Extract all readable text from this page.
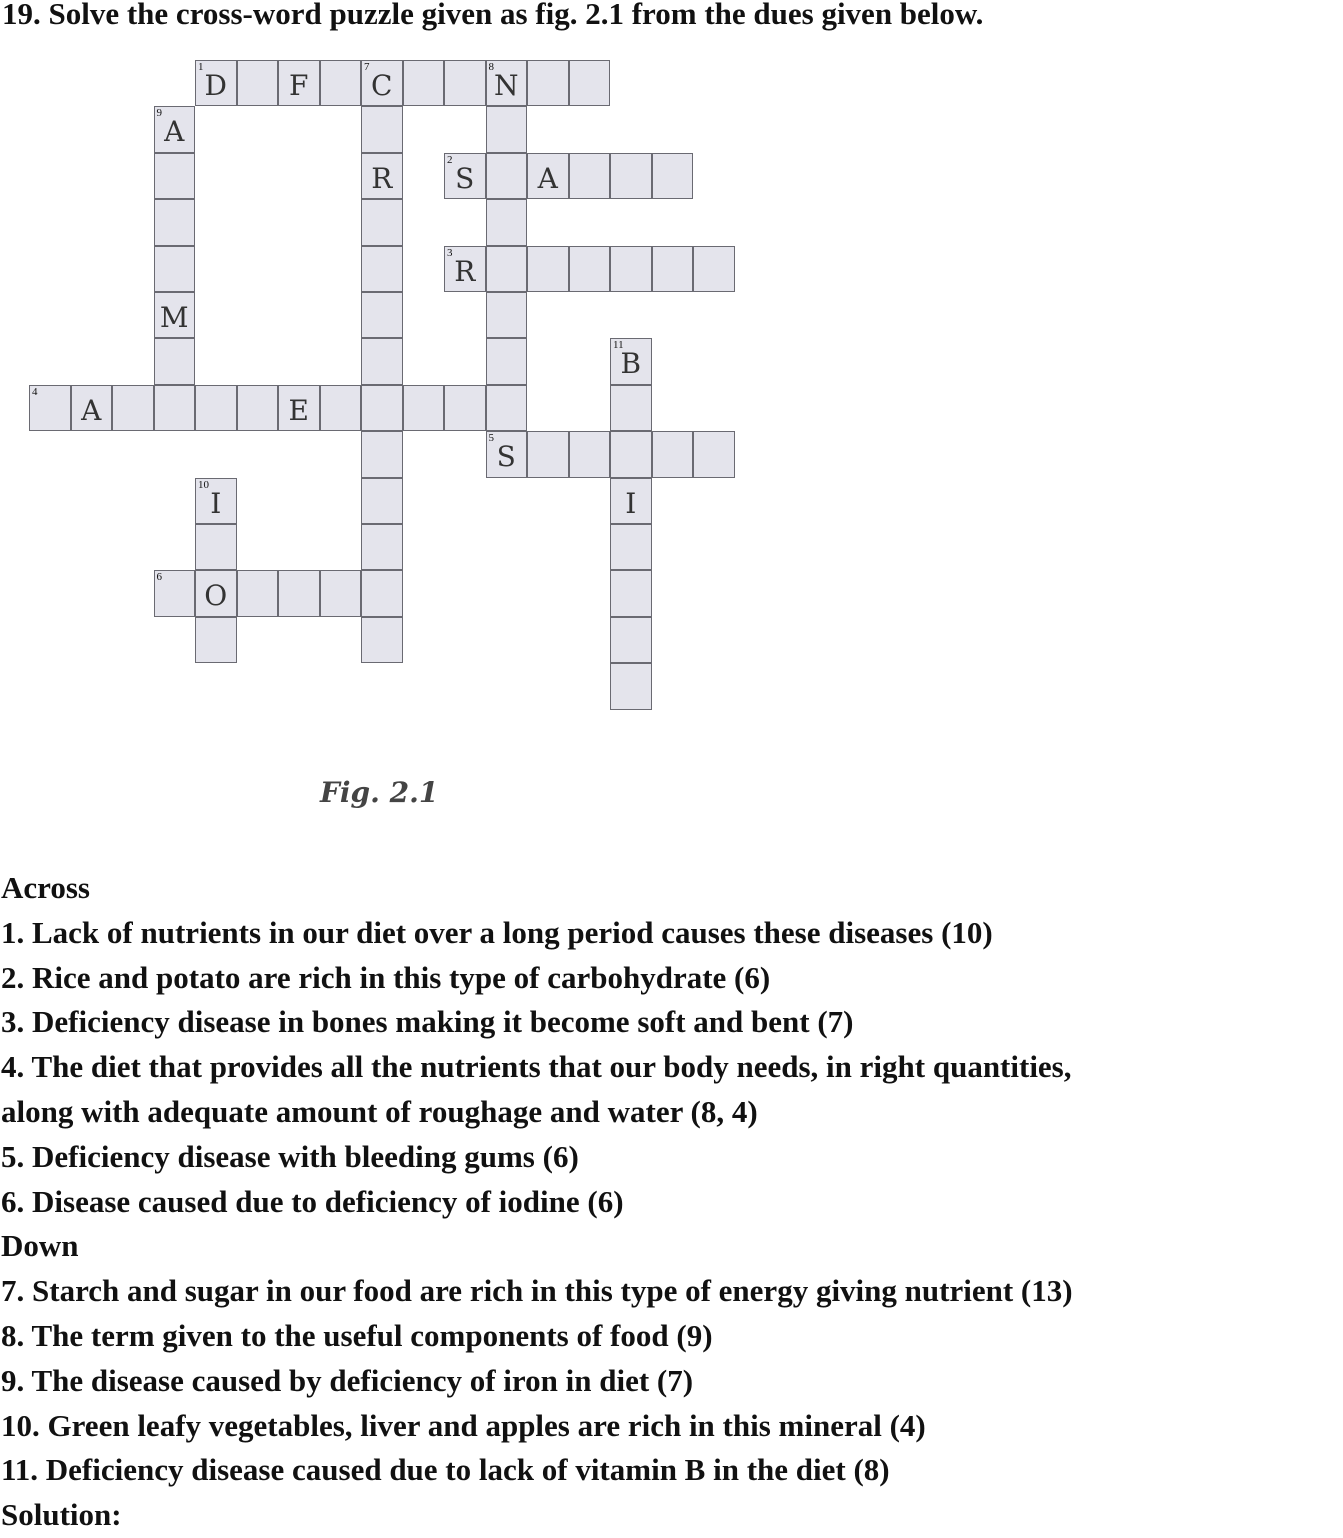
19. Solve the cross-word puzzle given as fig. 2.1 from the dues given below.
1
D	F
7
C
8
N
2
S	A
3
R
4
A	E
5
S
6
O
R
9
A
M
10
I
11
B
I
Fig. 2.1
Across
1. Lack of nutrients in our diet over a long period causes these diseases (10)
2. Rice and potato are rich in this type of carbohydrate (6)
3. Deficiency disease in bones making it become soft and bent (7)
4. The diet that provides all the nutrients that our body needs, in right quantities,
along with adequate amount of roughage and water (8, 4)
5. Deficiency disease with bleeding gums (6)
6. Disease caused due to deficiency of iodine (6)
Down
7. Starch and sugar in our food are rich in this type of energy giving nutrient (13)
8. The term given to the useful components of food (9)
9. The disease caused by deficiency of iron in diet (7)
10. Green leafy vegetables, liver and apples are rich in this mineral (4)
11. Deficiency disease caused due to lack of vitamin B in the diet (8)
Solution:
